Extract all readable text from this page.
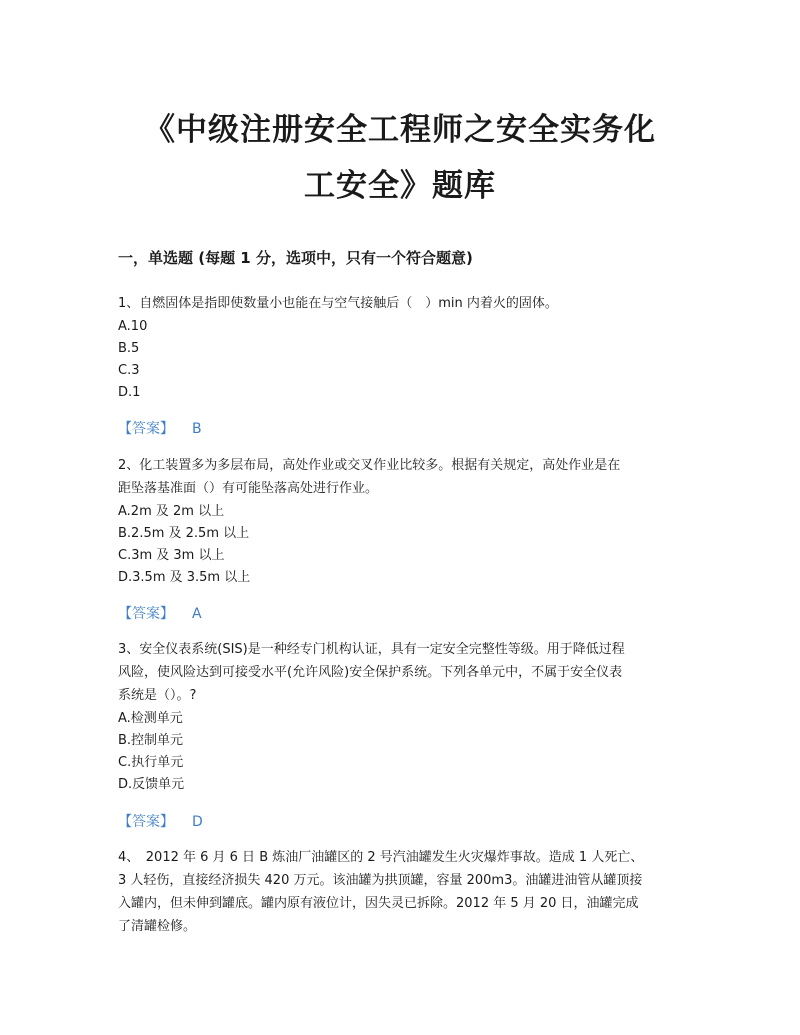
《中级注册安全工程师之安全实务化
工安全》题库
一，单选题 (每题 1 分，选项中，只有一个符合题意)
1、自燃固体是指即使数量小也能在与空气接触后（　）min 内着火的固体。
A.10
B.5
C.3
D.1
【答案】 B
2、化工装置多为多层布局，高处作业或交叉作业比较多。根据有关规定，高处作业是在
距坠落基准面（）有可能坠落高处进行作业。
A.2m 及 2m 以上
B.2.5m 及 2.5m 以上
C.3m 及 3m 以上
D.3.5m 及 3.5m 以上
【答案】 A
3、安全仪表系统(SIS)是一种经专门机构认证，具有一定安全完整性等级。用于降低过程
风险，使风险达到可接受水平(允许风险)安全保护系统。下列各单元中，不属于安全仪表
系统是（）。?
A.检测单元
B.控制单元
C.执行单元
D.反馈单元
【答案】 D
4、　2012 年 6 月 6 日 B 炼油厂油罐区的 2 号汽油罐发生火灾爆炸事故。造成 1 人死亡、
3 人轻伤，直接经济损失 420 万元。该油罐为拱顶罐，容量 200m3。油罐进油管从罐顶接
入罐内，但未伸到罐底。罐内原有液位计，因失灵已拆除。2012 年 5 月 20 日，油罐完成
了清罐检修。
